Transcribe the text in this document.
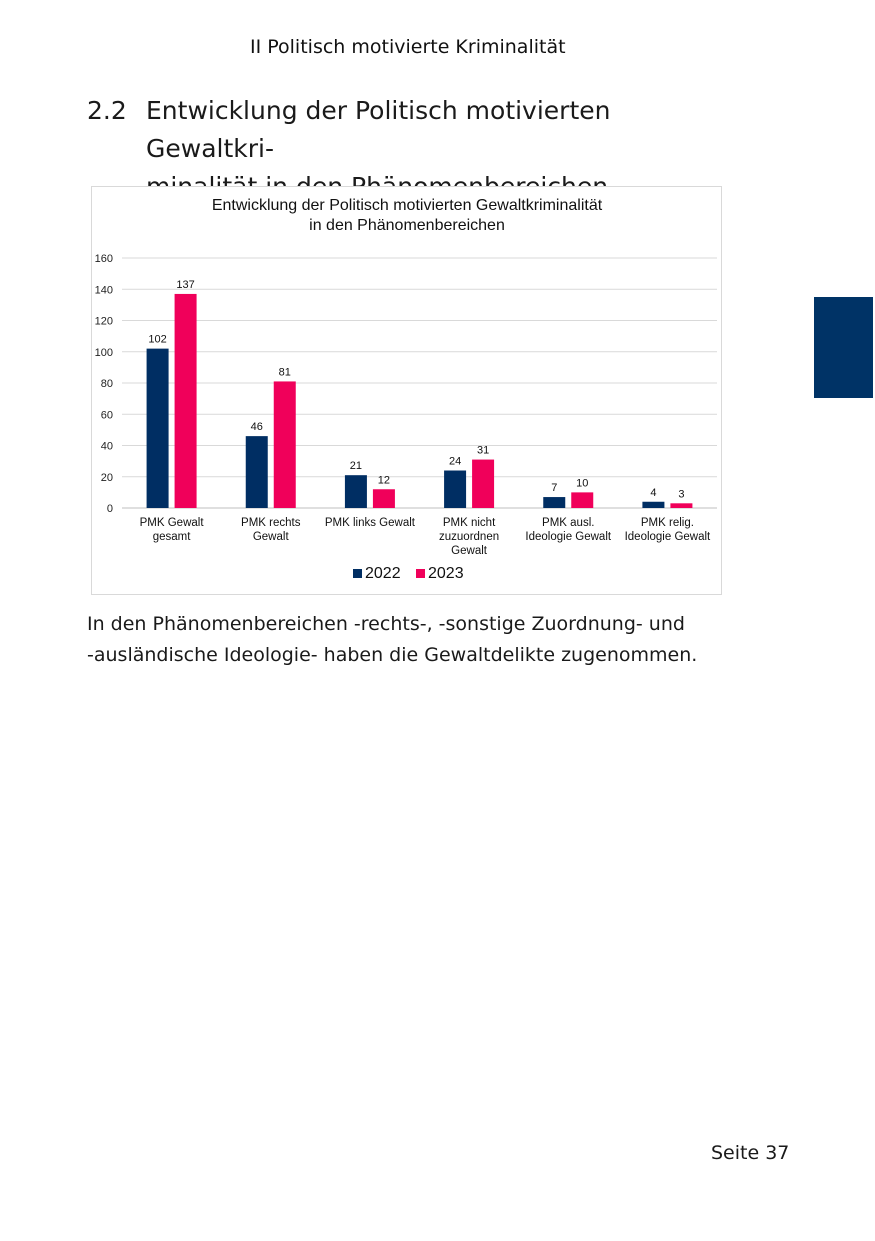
II Politisch motivierte Kriminalität
2.2 Entwicklung der Politisch motivierten Gewaltkri-

Entwicklung der Politisch motivierten Gewaltkriminalität
in den Phänomenbereichen
0
20
40
60
80
100
120
140
160
102
137
PMK Gewalt
gesamt
46
81
PMK rechts
Gewalt
21
12
PMK links Gewalt
24
31
PMK nicht
zuzuordnen
Gewalt
7 10
PMK ausl.
Ideologie Gewalt
4 3
PMK relig.
Ideologie Gewalt
2022 2023
In den Phänomenbereichen -rechts-, -sonstige Zuordnung- und
-ausländische Ideologie- haben die Gewaltdelikte zugenommen.
Seite 37
